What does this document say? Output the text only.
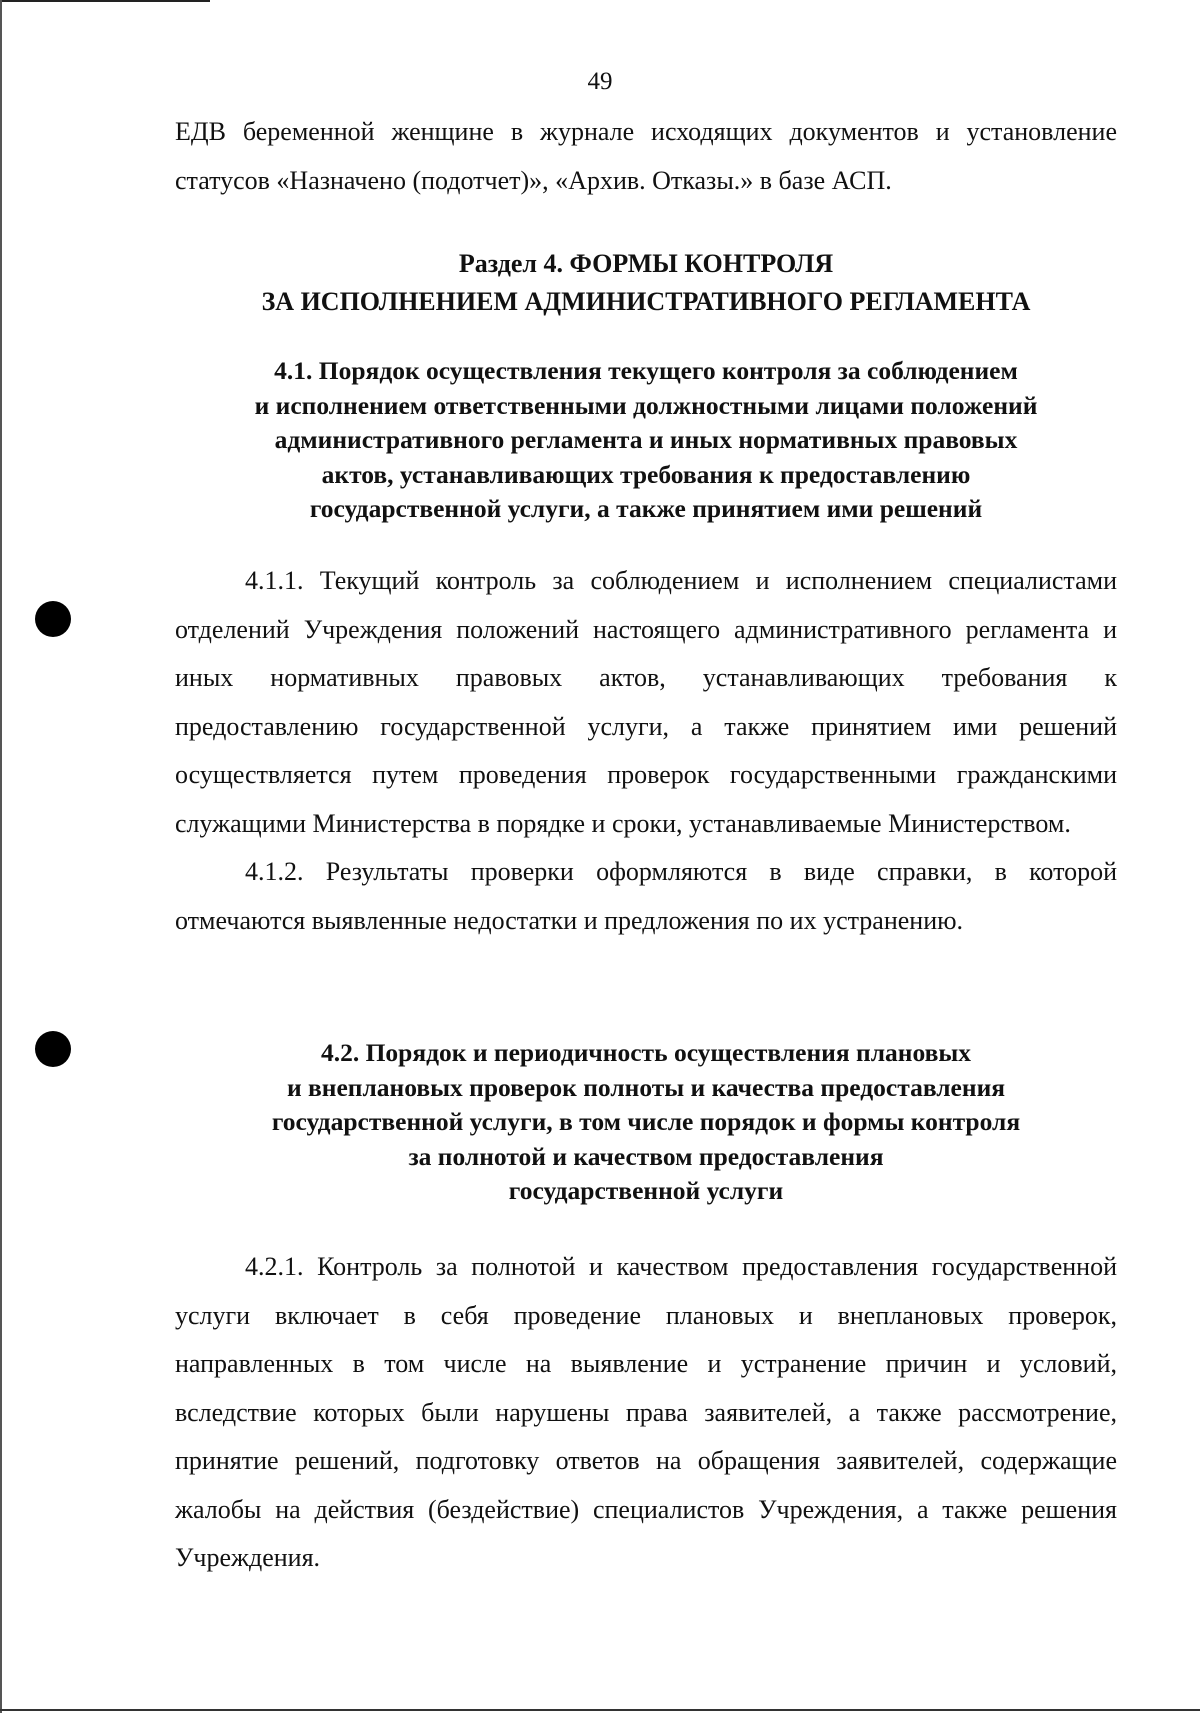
49

ЕДВ беременной женщине в журнале исходящих документов и установление статусов «Назначено (подотчет)», «Архив. Отказы.» в базе АСП.

Раздел 4. ФОРМЫ КОНТРОЛЯ
ЗА ИСПОЛНЕНИЕМ АДМИНИСТРАТИВНОГО РЕГЛАМЕНТА
4.1. Порядок осуществления текущего контроля за соблюдением
и исполнением ответственными должностными лицами положений
административного регламента и иных нормативных правовых
актов, устанавливающих требования к предоставлению
государственной услуги, а также принятием ими решений

4.1.1. Текущий контроль за соблюдением и исполнением специалистами отделений Учреждения положений настоящего административного регламента и иных нормативных правовых актов, устанавливающих требования к предоставлению государственной услуги, а также принятием ими решений осуществляется путем проведения проверок государственными гражданскими служащими Министерства в порядке и сроки, устанавливаемые Министерством.

4.1.2. Результаты проверки оформляются в виде справки, в которой отмечаются выявленные недостатки и предложения по их устранению.

4.2. Порядок и периодичность осуществления плановых
и внеплановых проверок полноты и качества предоставления
государственной услуги, в том числе порядок и формы контроля
за полнотой и качеством предоставления
государственной услуги

4.2.1. Контроль за полнотой и качеством предоставления государственной услуги включает в себя проведение плановых и внеплановых проверок, направленных в том числе на выявление и устранение причин и условий, вследствие которых были нарушены права заявителей, а также рассмотрение, принятие решений, подготовку ответов на обращения заявителей, содержащие жалобы на действия (бездействие) специалистов Учреждения, а также решения Учреждения.
